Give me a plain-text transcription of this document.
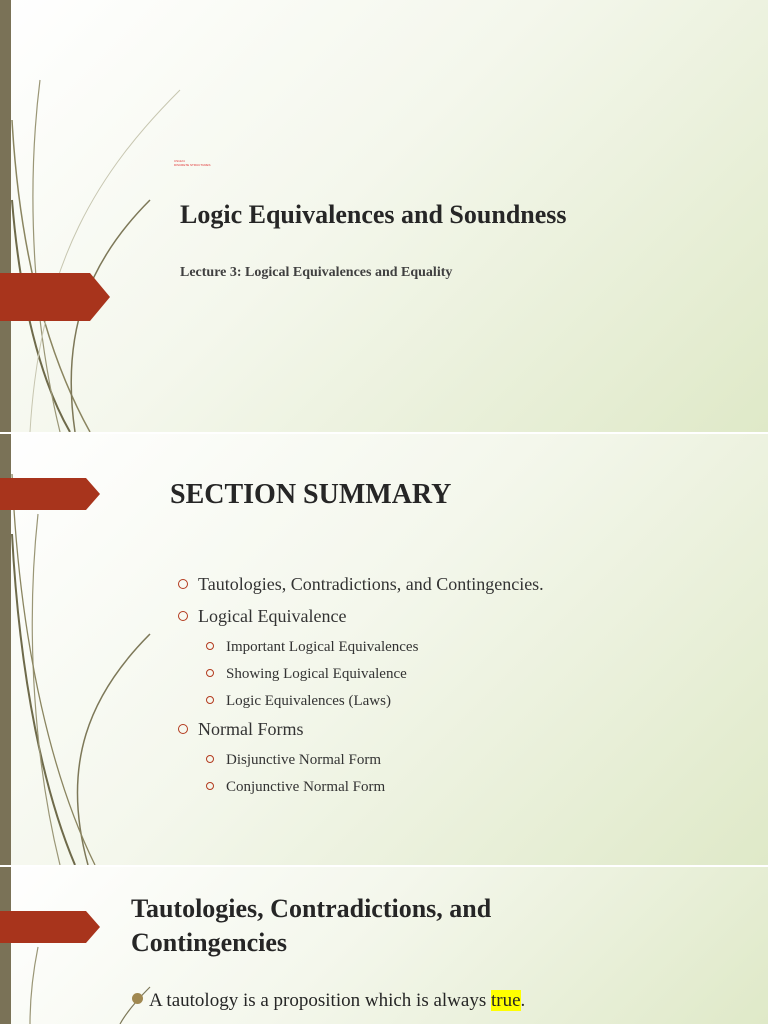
CS1124
DISCRETE STRUCTURES
Logic Equivalences and Soundness
Lecture 3: Logical Equivalences and Equality
SECTION SUMMARY
Tautologies, Contradictions, and Contingencies.
Logical Equivalence
Important Logical Equivalences
Showing Logical Equivalence
Logic Equivalences (Laws)
Normal Forms
Disjunctive Normal Form
Conjunctive Normal Form
Tautologies, Contradictions, and Contingencies
A tautology is a proposition which is always true.
